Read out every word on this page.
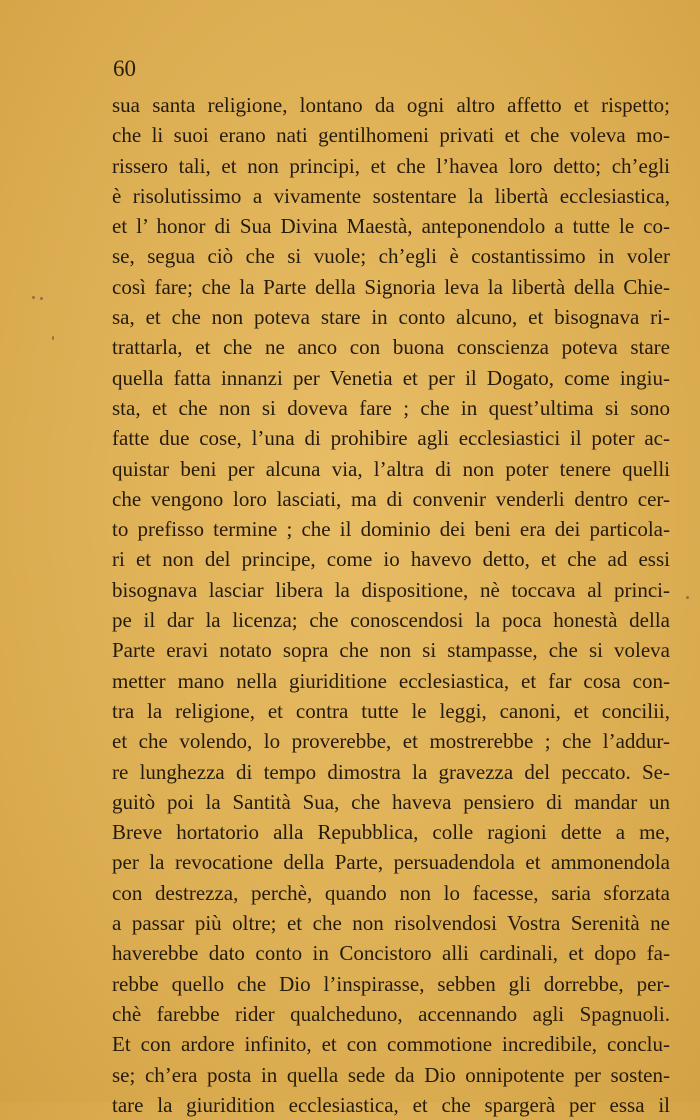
60
sua santa religione, lontano da ogni altro affetto et rispetto;
che li suoi erano nati gentilhomeni privati et che voleva mo-
rissero tali, et non principi, et che l’havea loro detto; ch’egli
è risolutissimo a vivamente sostentare la libertà ecclesiastica,
et l’ honor di Sua Divina Maestà, anteponendolo a tutte le co-
se, segua ciò che si vuole; ch’egli è costantissimo in voler
così fare; che la Parte della Signoria leva la libertà della Chie-
sa, et che non poteva stare in conto alcuno, et bisognava ri-
trattarla, et che ne anco con buona conscienza poteva stare
quella fatta innanzi per Venetia et per il Dogato, come ingiu-
sta, et che non si doveva fare ; che in quest’ultima si sono
fatte due cose, l’una di prohibire agli ecclesiastici il poter ac-
quistar beni per alcuna via, l’altra di non poter tenere quelli
che vengono loro lasciati, ma di convenir venderli dentro cer-
to prefisso termine ; che il dominio dei beni era dei particola-
ri et non del principe, come io havevo detto, et che ad essi
bisognava lasciar libera la dispositione, nè toccava al princi-
pe il dar la licenza; che conoscendosi la poca honestà della
Parte eravi notato sopra che non si stampasse, che si voleva
metter mano nella giuriditione ecclesiastica, et far cosa con-
tra la religione, et contra tutte le leggi, canoni, et concilii,
et che volendo, lo proverebbe, et mostrerebbe ; che l’addur-
re lunghezza di tempo dimostra la gravezza del peccato. Se-
guitò poi la Santità Sua, che haveva pensiero di mandar un
Breve hortatorio alla Repubblica, colle ragioni dette a me,
per la revocatione della Parte, persuadendola et ammonendola
con destrezza, perchè, quando non lo facesse, saria sforzata
a passar più oltre; et che non risolvendosi Vostra Serenità ne
haverebbe dato conto in Concistoro alli cardinali, et dopo fa-
rebbe quello che Dio l’inspirasse, sebben gli dorrebbe, per-
chè farebbe rider qualcheduno, accennando agli Spagnuoli.
Et con ardore infinito, et con commotione incredibile, conclu-
se; ch’era posta in quella sede da Dio onnipotente per sosten-
tare la giuridition ecclesiastica, et che spargerà per essa il
